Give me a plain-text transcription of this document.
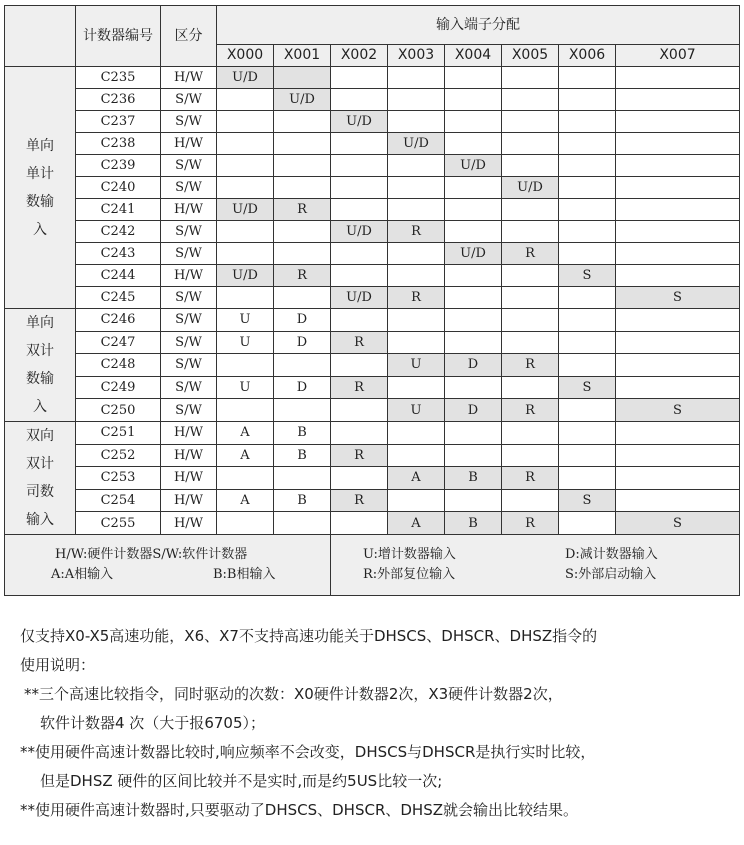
	计数器编号	区分	输入端子分配							
			X000	X001	X002	X003	X004	X005	X006	X007

单向
单计
数输
入	C235	H/W	U/D							
	C236	S/W		U/D						
	C237	S/W			U/D					
	C238	H/W				U/D				
	C239	S/W					U/D			
	C240	S/W						U/D		
	C241	H/W	U/D	R						
	C242	S/W			U/D	R				
	C243	S/W					U/D	R		
	C244	H/W	U/D	R					S	
	C245	S/W			U/D	R				S

单向
双计
数输
入	C246	S/W	U	D						
	C247	S/W	U	D	R					
	C248	S/W				U	D	R		
	C249	S/W	U	D	R				S	
	C250	S/W				U	D	R		S

双向
双计
司数
输入	C251	H/W	A	B						
	C252	H/W	A	B	R					
	C253	H/W				A	B	R		
	C254	H/W	A	B	R				S	
	C255	H/W				A	B	R		S

H/W:硬件计数器S/W:软件计数器
A:A相输入 B:B相输入					U:增计数器输入
R:外部复位输入
D:减计数器输入
S:外部启动输入					

仅支持X0-X5高速功能，X6、X7不支持高速功能关于DHSCS、DHSCR、DHSZ指令的

使用说明：

**三个高速比较指令，同时驱动的次数：X0硬件计数器2次，X3硬件计数器2次，

软件计数器4 次（大于报6705）；

**使用硬件高速计数器比较时,响应频率不会改变，DHSCS与DHSCR是执行实时比较，

但是DHSZ 硬件的区间比较并不是实时,而是约5US比较一次;

**使用硬件高速计数器时,只要驱动了DHSCS、DHSCR、DHSZ就会输出比较结果。
